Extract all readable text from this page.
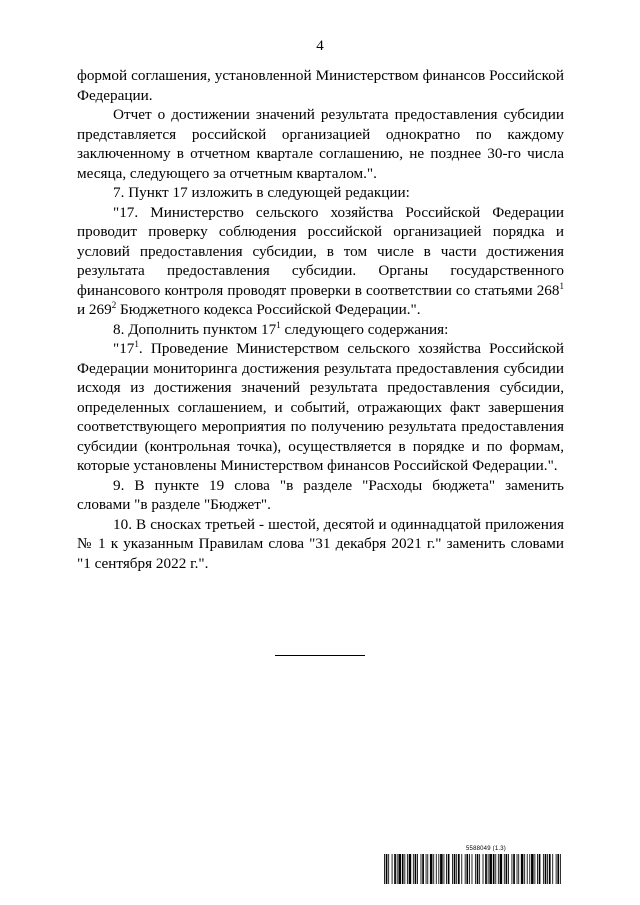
4

формой соглашения, установленной Министерством финансов Российской Федерации.

Отчет о достижении значений результата предоставления субсидии представляется российской организацией однократно по каждому заключенному в отчетном квартале соглашению, не позднее 30-го числа месяца, следующего за отчетным кварталом.".

7. Пункт 17 изложить в следующей редакции:

"17. Министерство сельского хозяйства Российской Федерации проводит проверку соблюдения российской организацией порядка и условий предоставления субсидии, в том числе в части достижения результата предоставления субсидии. Органы государственного финансового контроля проводят проверки в соответствии со статьями $268^1$ и $269^2$ Бюджетного кодекса Российской Федерации.".

8. Дополнить пунктом $17^1$ следующего содержания:

"$17^1$. Проведение Министерством сельского хозяйства Российской Федерации мониторинга достижения результата предоставления субсидии исходя из достижения значений результата предоставления субсидии, определенных соглашением, и событий, отражающих факт завершения соответствующего мероприятия по получению результата предоставления субсидии (контрольная точка), осуществляется в порядке и по формам, которые установлены Министерством финансов Российской Федерации.".

9. В пункте 19 слова "в разделе "Расходы бюджета" заменить словами "в разделе "Бюджет".

10. В сносках третьей - шестой, десятой и одиннадцатой приложения № 1 к указанным Правилам слова "31 декабря 2021 г." заменить словами "1 сентября 2022 г.".

5588049 (1.3)
